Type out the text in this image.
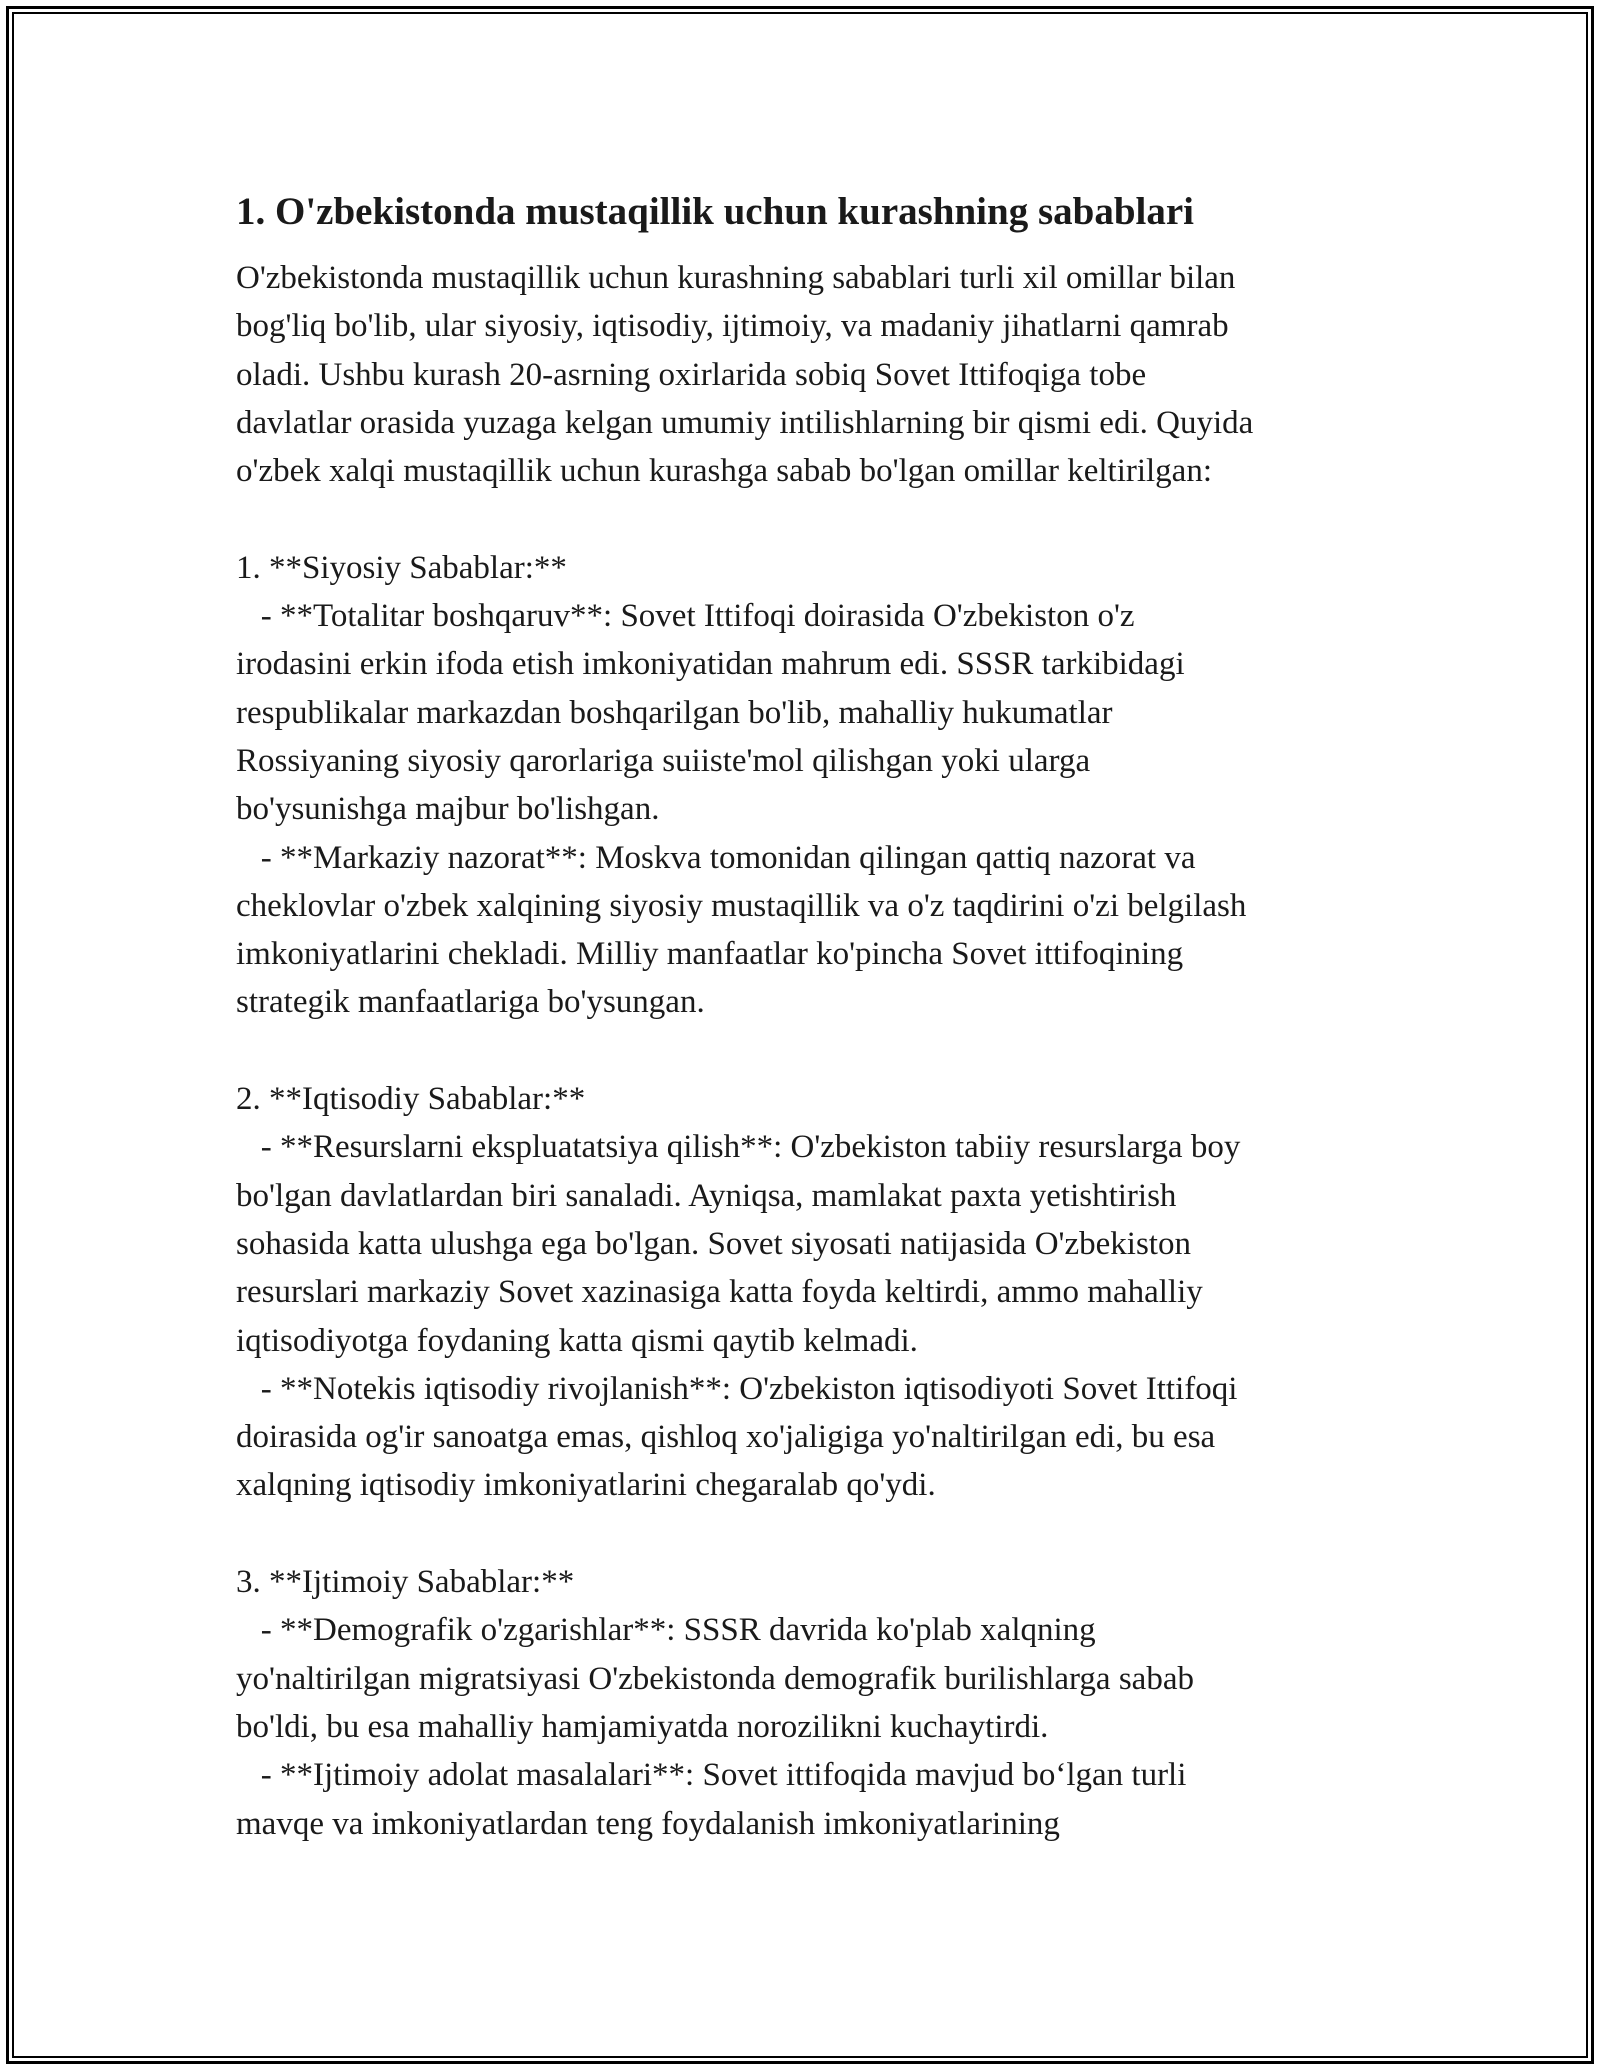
1. O'zbekistonda mustaqillik uchun kurashning sabablari
O'zbekistonda mustaqillik uchun kurashning sabablari turli xil omillar bilan
bog'liq bo'lib, ular siyosiy, iqtisodiy, ijtimoiy, va madaniy jihatlarni qamrab
oladi. Ushbu kurash 20-asrning oxirlarida sobiq Sovet Ittifoqiga tobe
davlatlar orasida yuzaga kelgan umumiy intilishlarning bir qismi edi. Quyida
o'zbek xalqi mustaqillik uchun kurashga sabab bo'lgan omillar keltirilgan:
1. **Siyosiy Sabablar:**
- **Totalitar boshqaruv**: Sovet Ittifoqi doirasida O'zbekiston o'z
irodasini erkin ifoda etish imkoniyatidan mahrum edi. SSSR tarkibidagi
respublikalar markazdan boshqarilgan bo'lib, mahalliy hukumatlar
Rossiyaning siyosiy qarorlariga suiiste'mol qilishgan yoki ularga
bo'ysunishga majbur bo'lishgan.
- **Markaziy nazorat**: Moskva tomonidan qilingan qattiq nazorat va
cheklovlar o'zbek xalqining siyosiy mustaqillik va o'z taqdirini o'zi belgilash
imkoniyatlarini chekladi. Milliy manfaatlar ko'pincha Sovet ittifoqining
strategik manfaatlariga bo'ysungan.
2. **Iqtisodiy Sabablar:**
- **Resurslarni ekspluatatsiya qilish**: O'zbekiston tabiiy resurslarga boy
bo'lgan davlatlardan biri sanaladi. Ayniqsa, mamlakat paxta yetishtirish
sohasida katta ulushga ega bo'lgan. Sovet siyosati natijasida O'zbekiston
resurslari markaziy Sovet xazinasiga katta foyda keltirdi, ammo mahalliy
iqtisodiyotga foydaning katta qismi qaytib kelmadi.
- **Notekis iqtisodiy rivojlanish**: O'zbekiston iqtisodiyoti Sovet Ittifoqi
doirasida og'ir sanoatga emas, qishloq xo'jaligiga yo'naltirilgan edi, bu esa
xalqning iqtisodiy imkoniyatlarini chegaralab qo'ydi.
3. **Ijtimoiy Sabablar:**
- **Demografik o'zgarishlar**: SSSR davrida ko'plab xalqning
yo'naltirilgan migratsiyasi O'zbekistonda demografik burilishlarga sabab
bo'ldi, bu esa mahalliy hamjamiyatda norozilikni kuchaytirdi.
- **Ijtimoiy adolat masalalari**: Sovet ittifoqida mavjud bo‘lgan turli
mavqe va imkoniyatlardan teng foydalanish imkoniyatlarining
